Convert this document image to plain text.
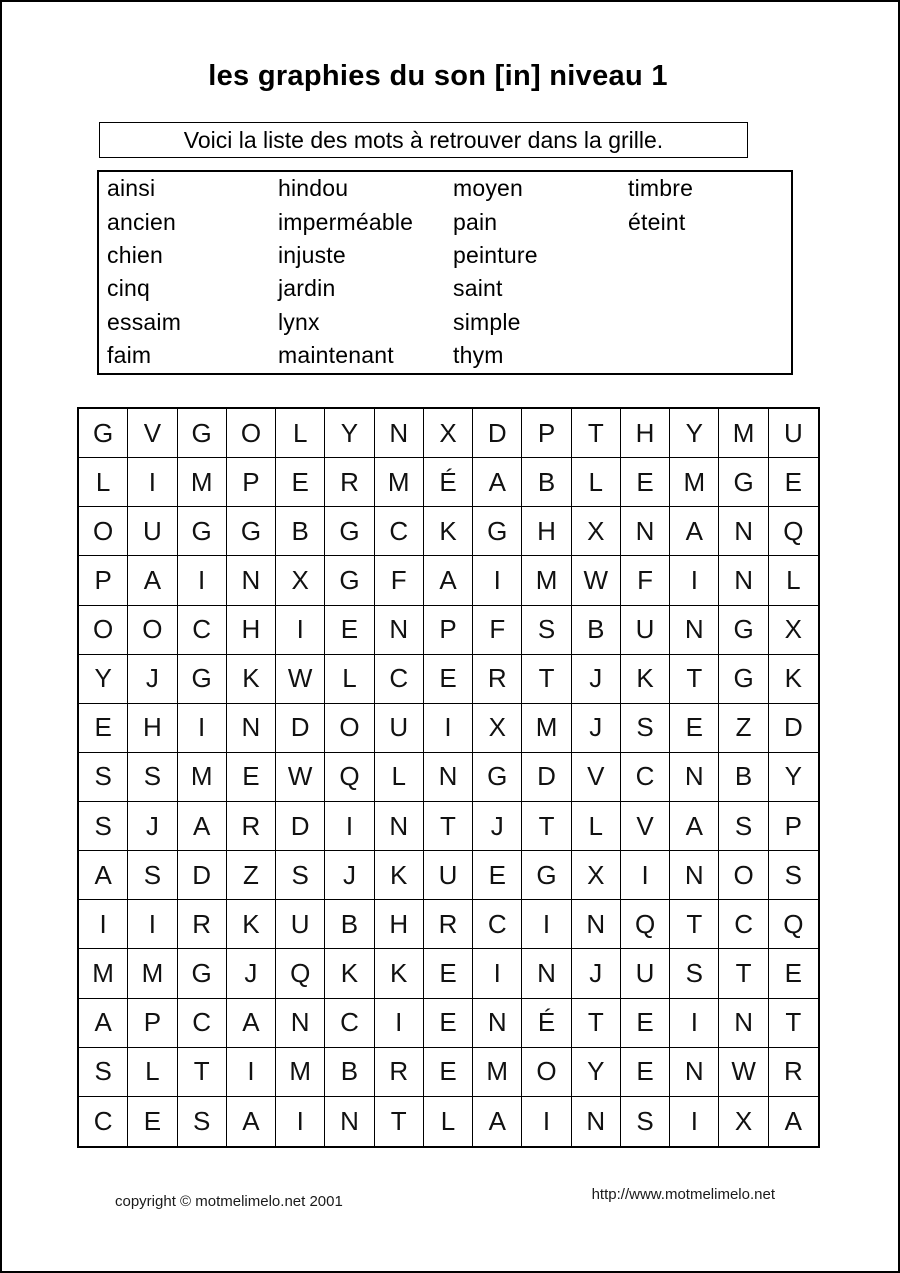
les graphies du son [in] niveau 1
Voici la liste des mots à retrouver dans la grille.
ainsi	hindou	moyen	timbre
ancien	imperméable	pain	éteint
chien	injuste	peinture
cinq	jardin	saint
essaim	lynx	simple
faim	maintenant	thym
G	V	G	O	L	Y	N	X	D	P	T	H	Y	M	U
L	I	M	P	E	R	M	É	A	B	L	E	M	G	E
O	U	G	G	B	G	C	K	G	H	X	N	A	N	Q
P	A	I	N	X	G	F	A	I	M	W	F	I	N	L
O	O	C	H	I	E	N	P	F	S	B	U	N	G	X
Y	J	G	K	W	L	C	E	R	T	J	K	T	G	K
E	H	I	N	D	O	U	I	X	M	J	S	E	Z	D
S	S	M	E	W	Q	L	N	G	D	V	C	N	B	Y
S	J	A	R	D	I	N	T	J	T	L	V	A	S	P
A	S	D	Z	S	J	K	U	E	G	X	I	N	O	S
I	I	R	K	U	B	H	R	C	I	N	Q	T	C	Q
M	M	G	J	Q	K	K	E	I	N	J	U	S	T	E
A	P	C	A	N	C	I	E	N	É	T	E	I	N	T
S	L	T	I	M	B	R	E	M	O	Y	E	N	W	R
C	E	S	A	I	N	T	L	A	I	N	S	I	X	A
copyright © motmelimelo.net 2001	http://www.motmelimelo.net
